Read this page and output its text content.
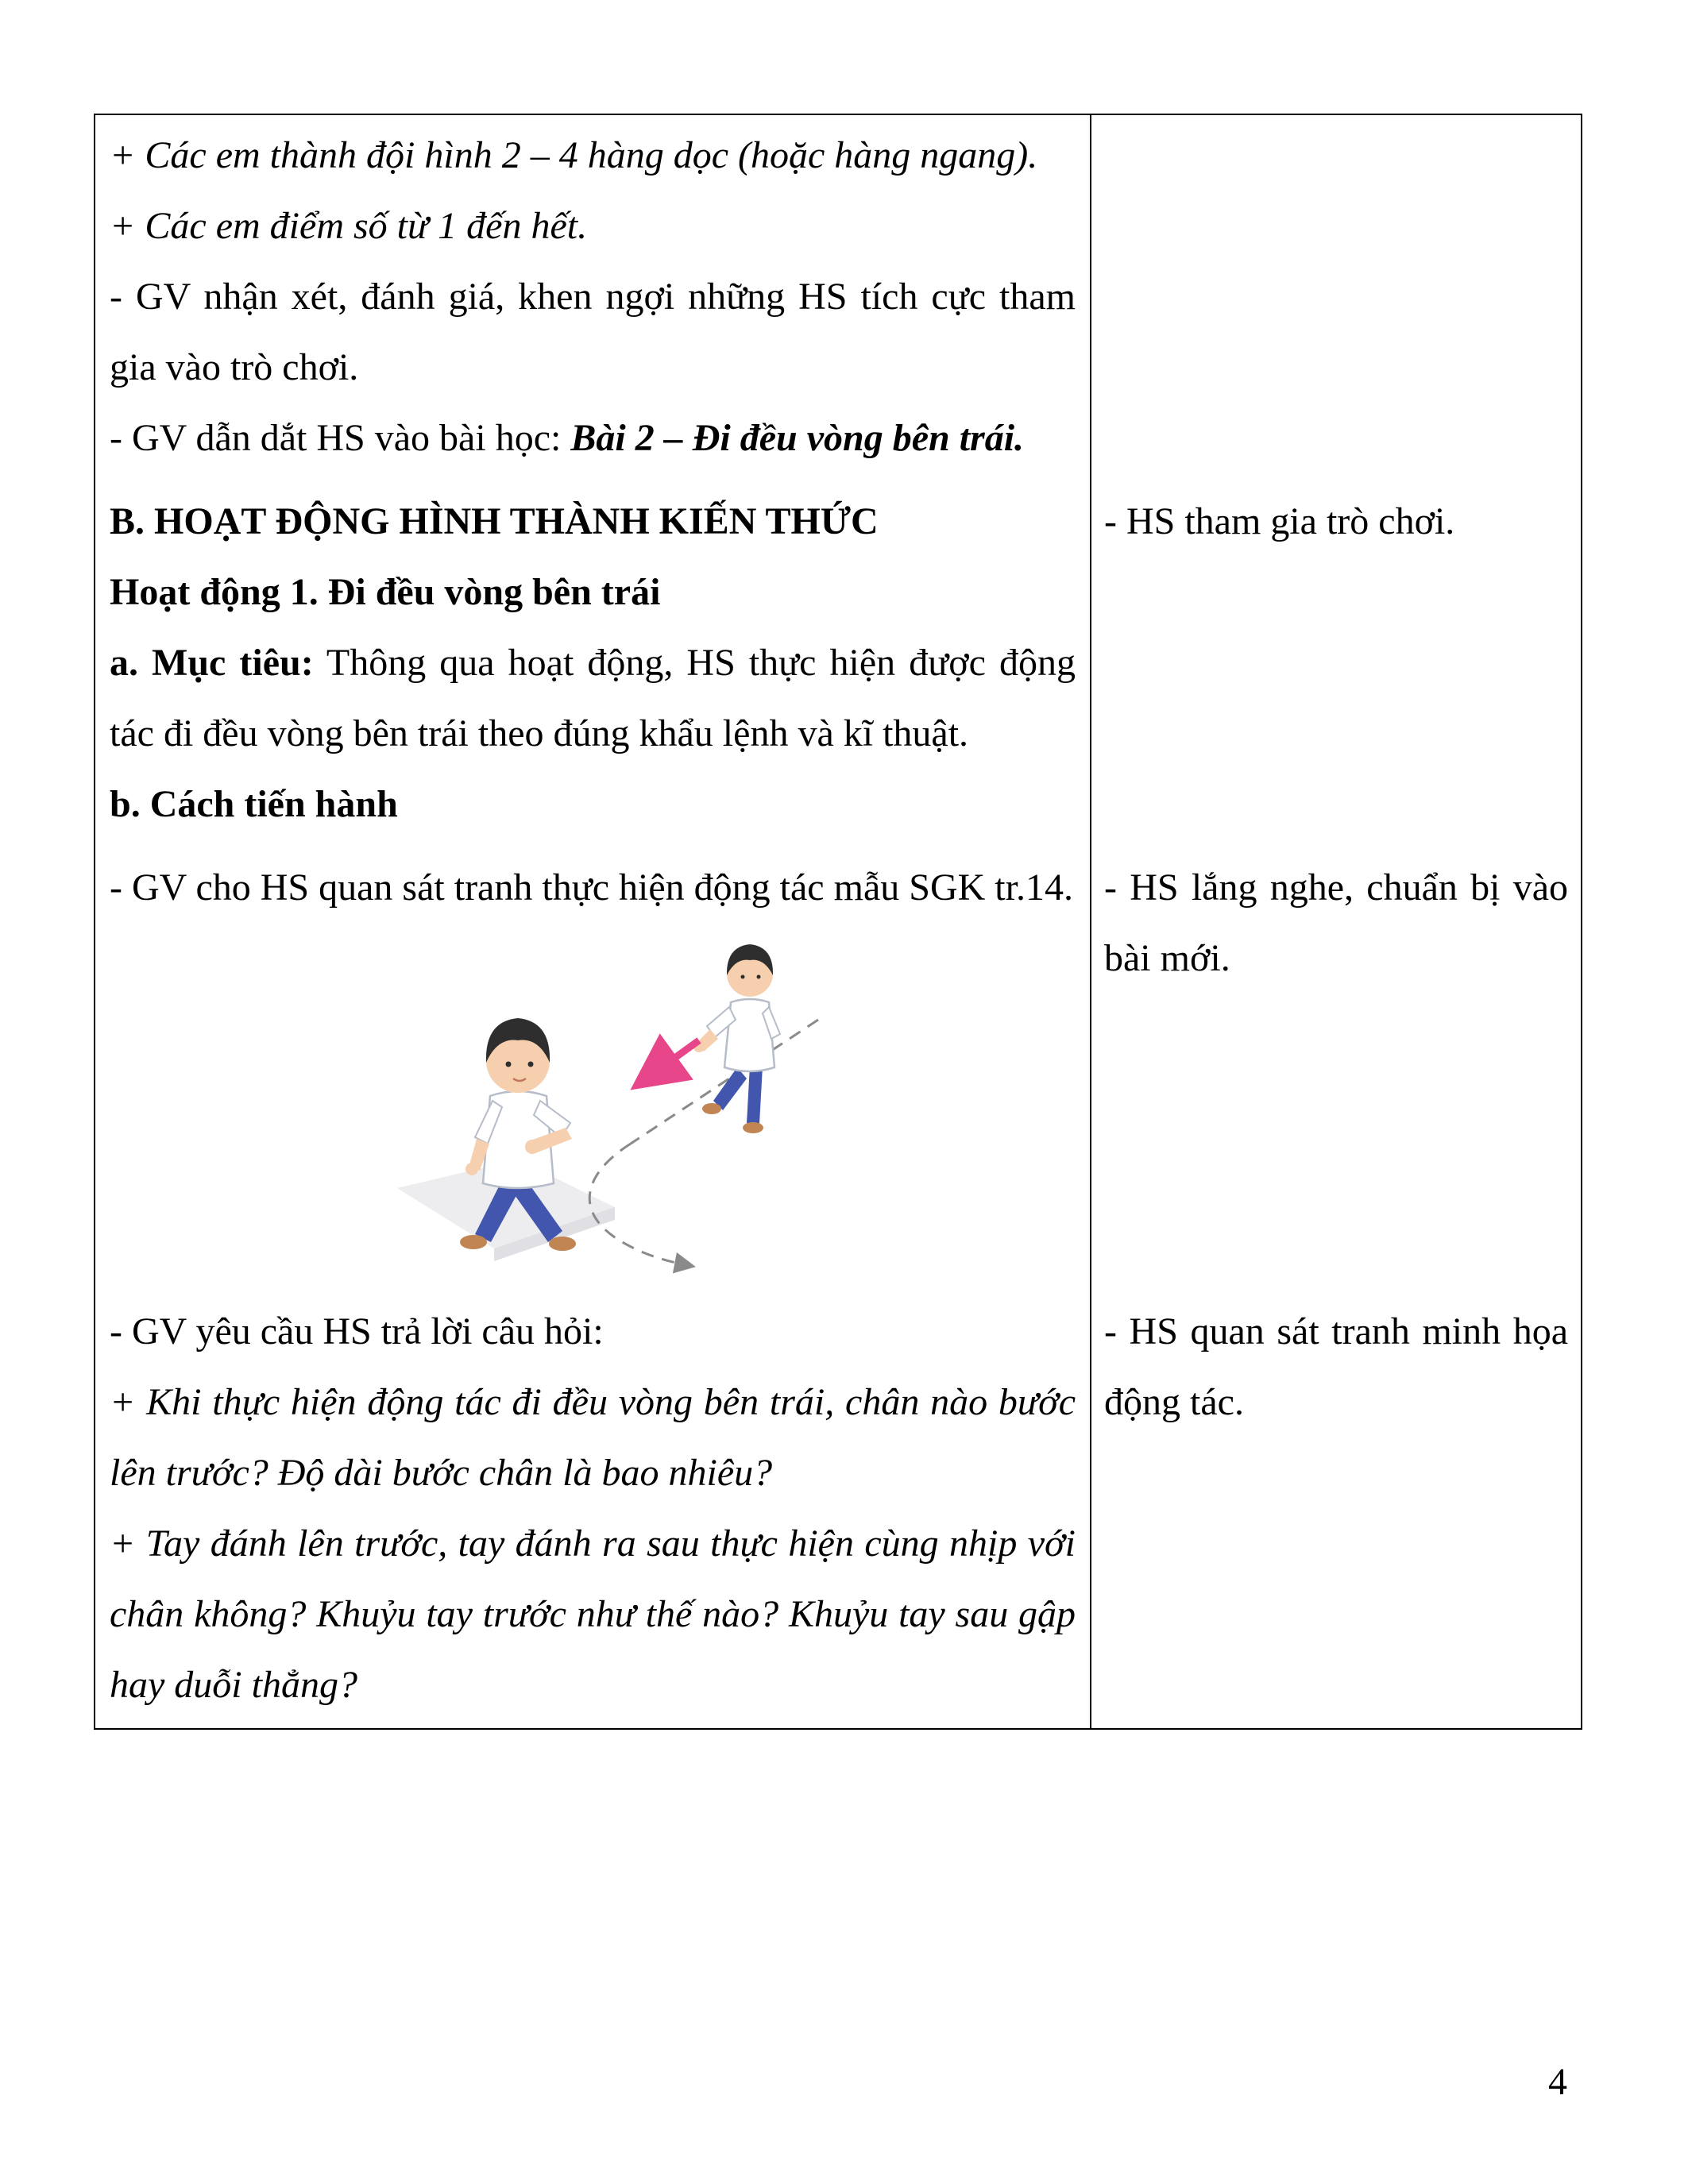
+ Các em thành đội hình 2 – 4 hàng dọc (hoặc hàng ngang).

+ Các em điểm số từ 1 đến hết.

- GV nhận xét, đánh giá, khen ngợi những HS tích cực tham gia vào trò chơi.

- GV dẫn dắt HS vào bài học: Bài 2 – Đi đều vòng bên trái.

B. HOẠT ĐỘNG HÌNH THÀNH KIẾN THỨC

Hoạt động 1. Đi đều vòng bên trái

a. Mục tiêu: Thông qua hoạt động, HS thực hiện được động tác đi đều vòng bên trái theo đúng khẩu lệnh và kĩ thuật.

b. Cách tiến hành

- HS tham gia trò chơi.

- GV cho HS quan sát tranh thực hiện động tác mẫu SGK tr.14. - HS lắng nghe, chuẩn bị vào bài mới.

- GV yêu cầu HS trả lời câu hỏi:

+ Khi thực hiện động tác đi đều vòng bên trái, chân nào bước lên trước? Độ dài bước chân là bao nhiêu?

+ Tay đánh lên trước, tay đánh ra sau thực hiện cùng nhịp với chân không? Khuỷu tay trước như thế nào? Khuỷu tay sau gập hay duỗi thẳng?

- HS quan sát tranh minh họa động tác.

4
